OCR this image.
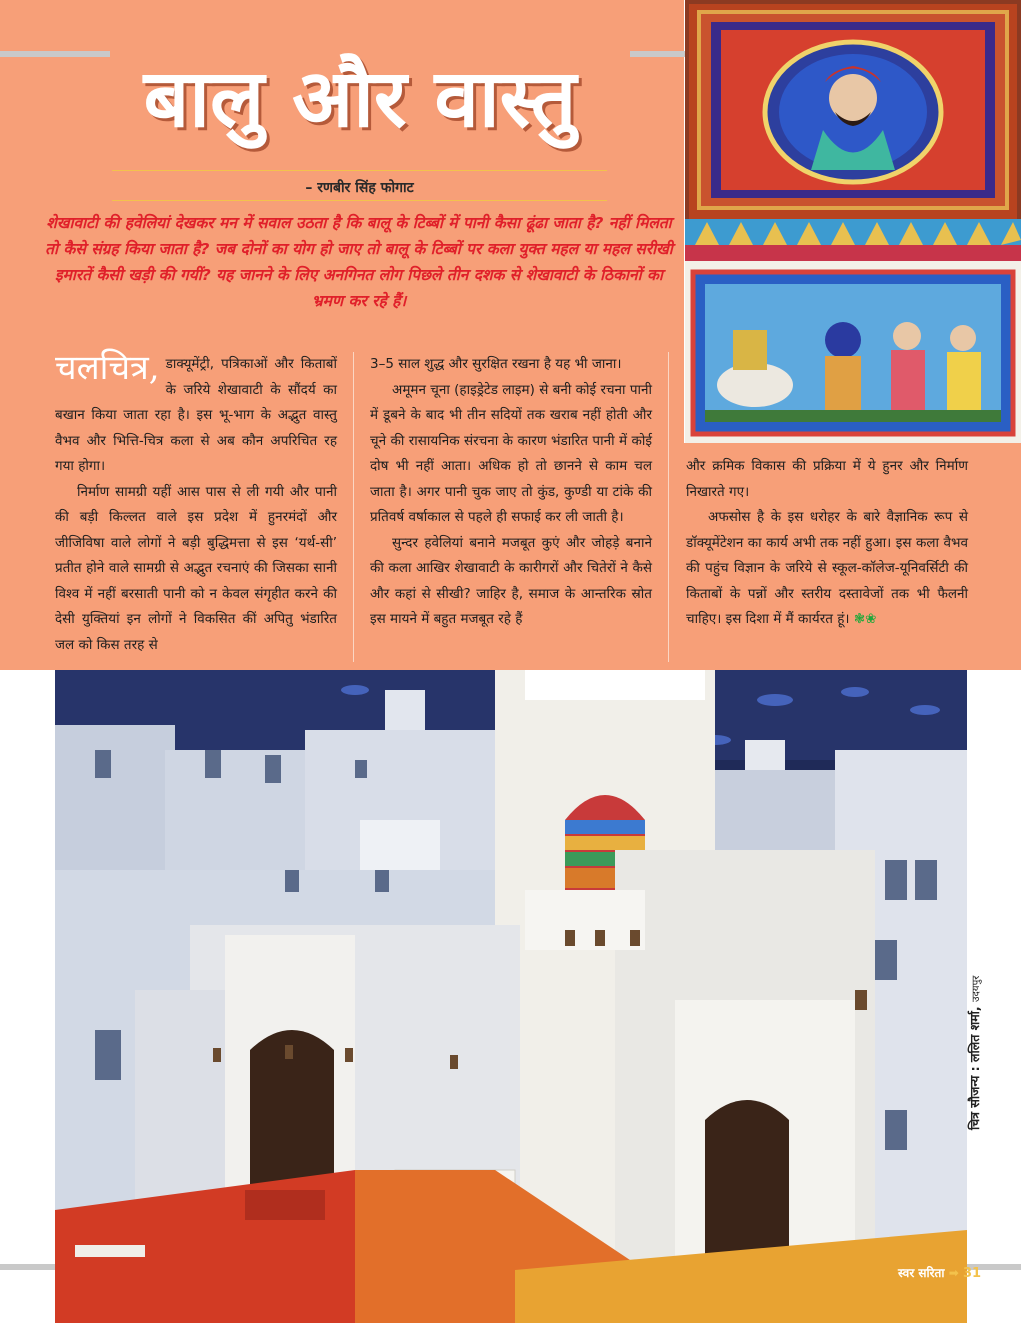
बालु और वास्तु
– रणबीर सिंह फोगाट
शेखावाटी की हवेलियां देखकर मन में सवाल उठता है कि बालू के टिब्बों में पानी कैसा ढूंढा जाता है? नहीं मिलता तो कैसे संग्रह किया जाता है? जब दोनों का योग हो जाए तो बालू के टिब्बों पर कला युक्त महल या महल सरीखी इमारतें कैसी खड़ी की गयीं? यह जानने के लिए अनगिनत लोग पिछले तीन दशक से शेखावाटी के ठिकानों का भ्रमण कर रहे हैं।

चलचित्र, डाक्यूमेंट्री, पत्रिकाओं और किताबों के जरिये शेखावाटी के सौंदर्य का बखान किया जाता रहा है। इस भू-भाग के अद्भुत वास्तु वैभव और भित्ति-चित्र कला से अब कौन अपरिचित रह गया होगा।

निर्माण सामग्री यहीं आस पास से ली गयी और पानी की बड़ी किल्लत वाले इस प्रदेश में हुनरमंदों और जीजिविषा वाले लोगों ने बड़ी बुद्धिमत्ता से इस ‘यर्थ-सी’ प्रतीत होने वाले सामग्री से अद्भुत रचनाएं की जिसका सानी विश्व में नहीं बरसाती पानी को न केवल संगृहीत करने की देसी युक्तियां इन लोगों ने विकसित कीं अपितु भंडारित जल को किस तरह से

3–5 साल शुद्ध और सुरक्षित रखना है यह भी जाना।

अमूमन चूना (हाइड्रेटेड लाइम) से बनी कोई रचना पानी में डूबने के बाद भी तीन सदियों तक खराब नहीं होती और चूने की रासायनिक संरचना के कारण भंडारित पानी में कोई दोष भी नहीं आता। अधिक हो तो छानने से काम चल जाता है। अगर पानी चुक जाए तो कुंड, कुण्डी या टांके की प्रतिवर्ष वर्षाकाल से पहले ही सफाई कर ली जाती है।

सुन्दर हवेलियां बनाने मजबूत कुएं और जोहड़े बनाने की कला आखिर शेखावाटी के कारीगरों और चितेरों ने कैसे और कहां से सीखी? जाहिर है, समाज के आन्तरिक स्रोत इस मायने में बहुत मजबूत रहे हैं

और क्रमिक विकास की प्रक्रिया में ये हुनर और निर्माण निखारते गए।

अफसोस है के इस धरोहर के बारे वैज्ञानिक रूप से डॉक्यूमेंटेशन का कार्य अभी तक नहीं हुआ। इस कला वैभव की पहुंच विज्ञान के जरिये से स्कूल-कॉलेज-यूनिवर्सिटी की किताबों के पन्नों और स्तरीय दस्तावेजों तक भी फैलनी चाहिए। इस दिशा में मैं कार्यरत हूं। ❃❀

चित्र सौजन्य : ललित शर्मा, उदयपुर
स्वर सरिता ➡ 31
